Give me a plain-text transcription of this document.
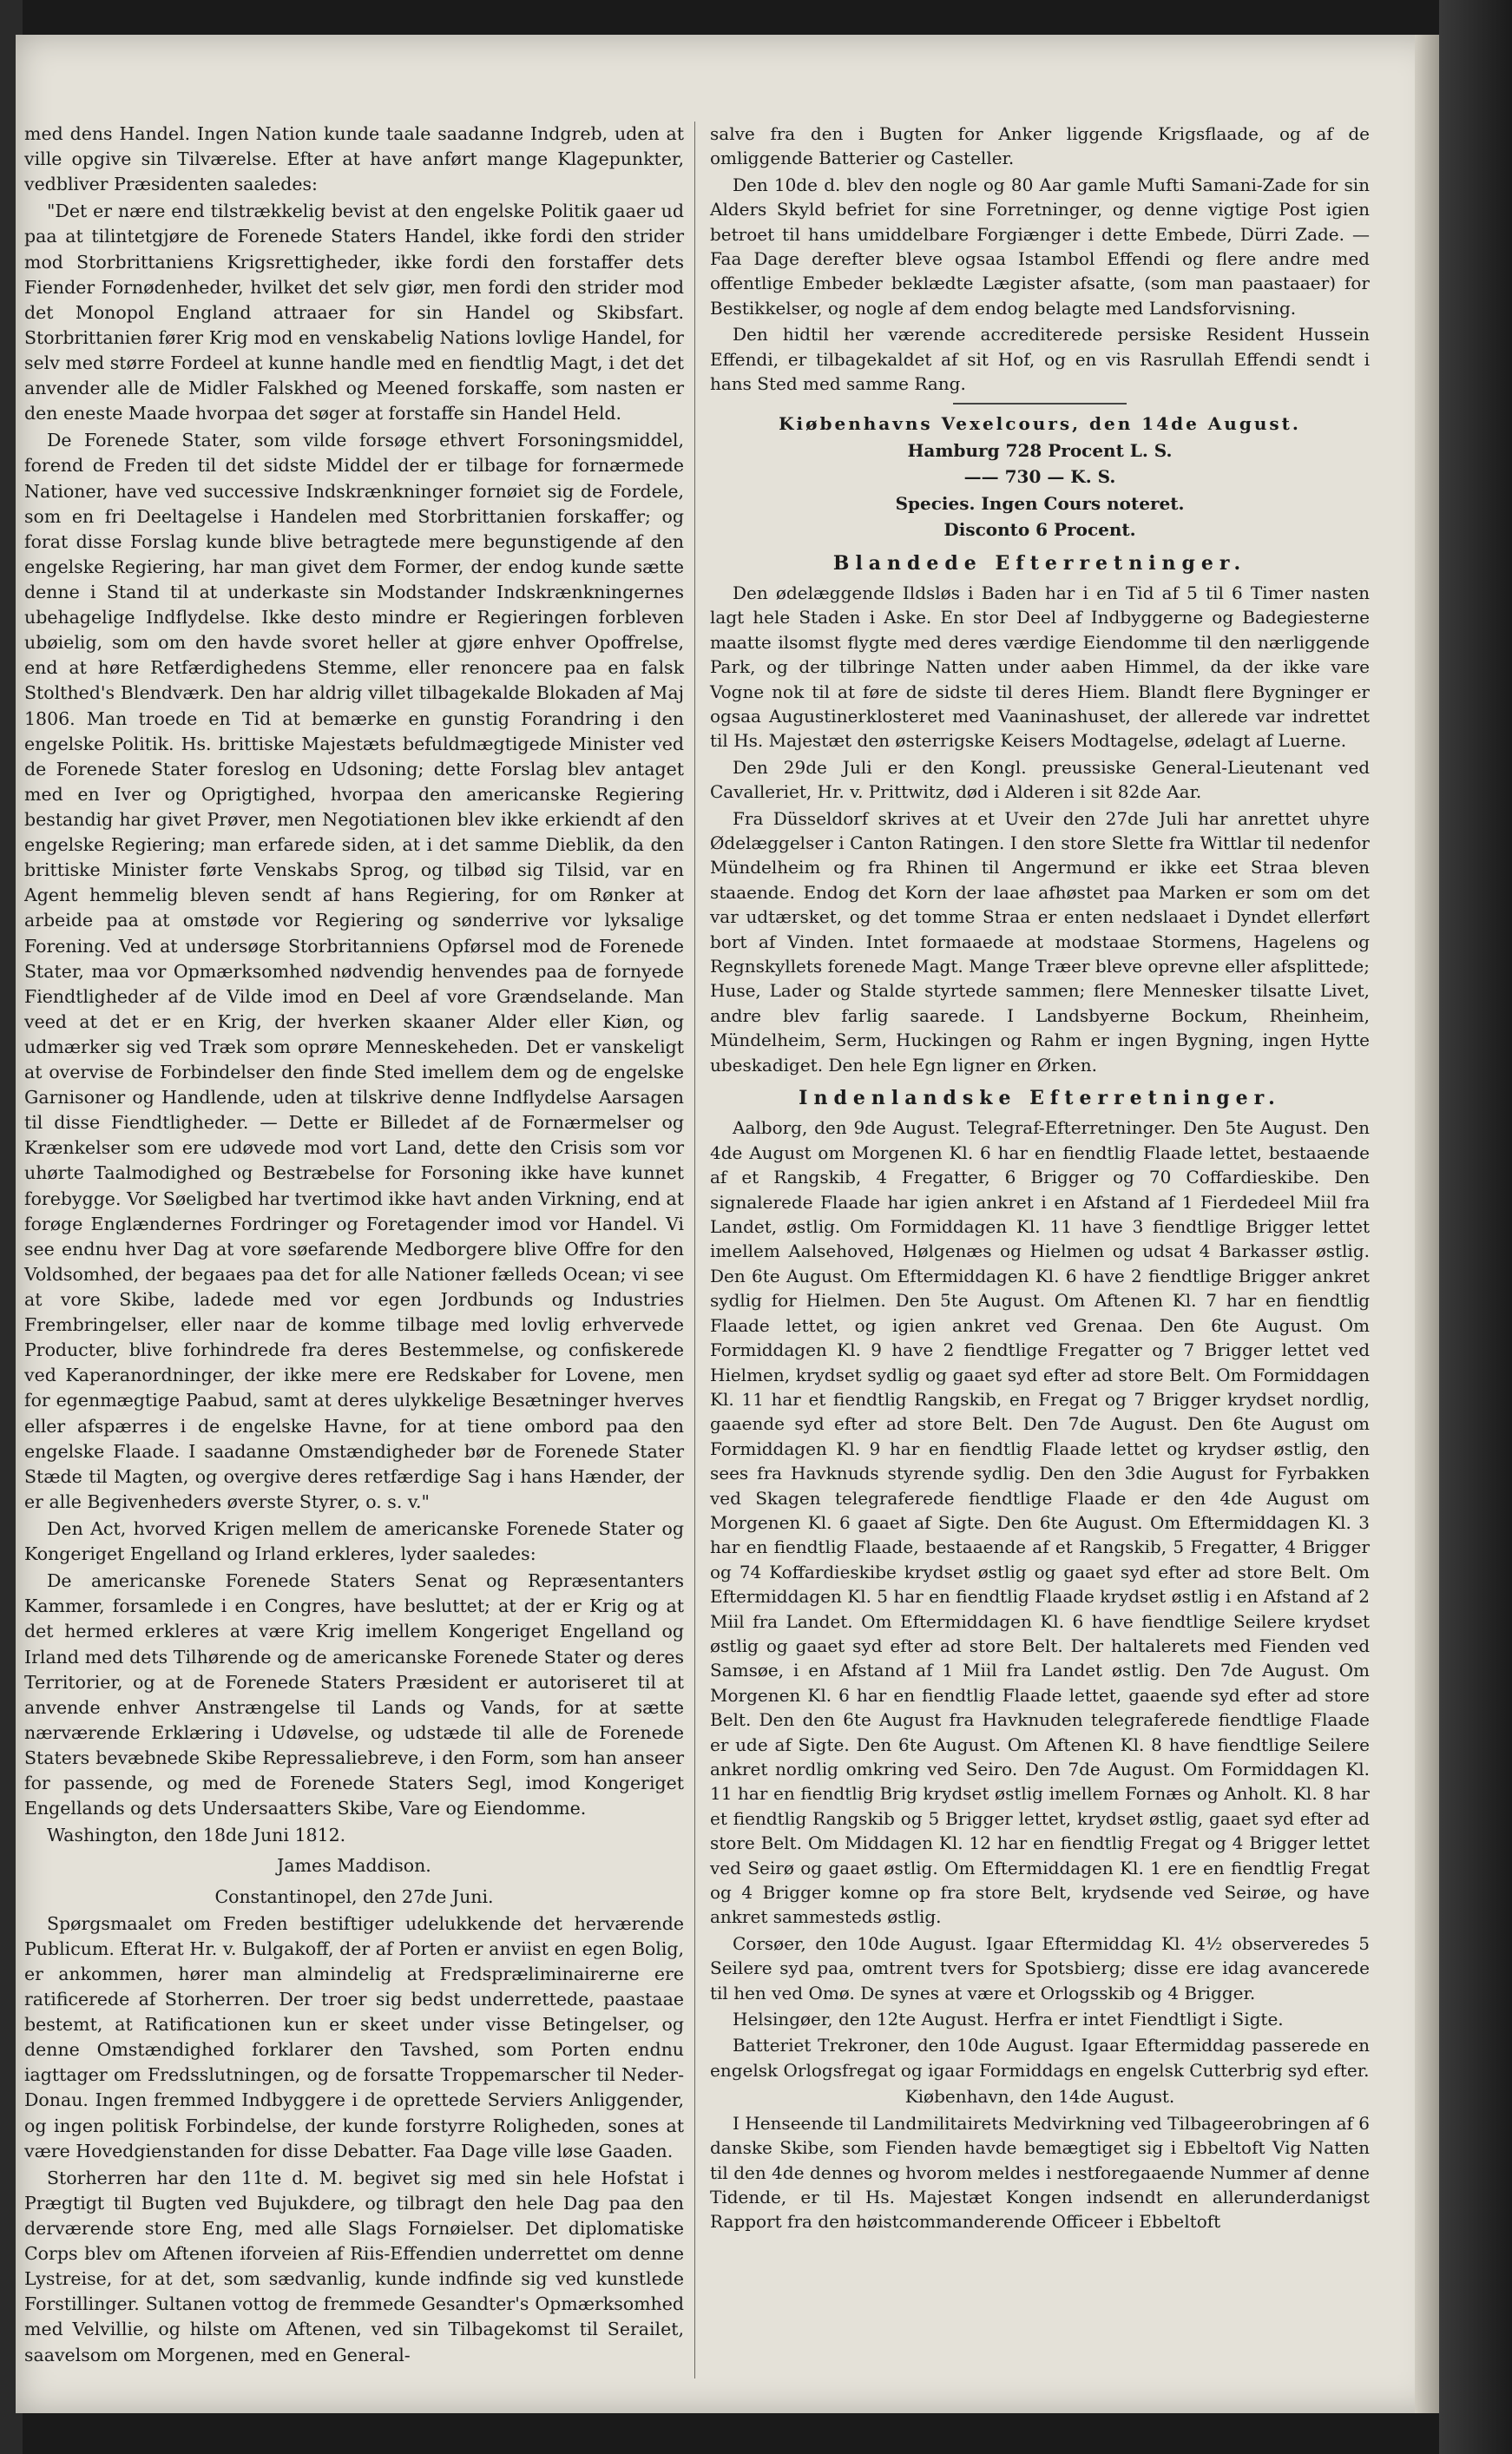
med dens Handel. Ingen Nation kunde taale saadanne Indgreb, uden at ville opgive sin Tilværelse. Efter at have anført mange Klagepunkter, vedbliver Præsidenten saaledes:

"Det er nære end tilstrækkelig bevist at den engelske Politik gaaer ud paa at tilintetgjøre de Forenede Staters Handel, ikke fordi den strider mod Storbrittaniens Krigsrettigheder, ikke fordi den forstaffer dets Fiender Fornødenheder, hvilket det selv giør, men fordi den strider mod det Monopol England attraaer for sin Handel og Skibsfart. Storbrittanien fører Krig mod en venskabelig Nations lovlige Handel, for selv med større Fordeel at kunne handle med en fiendtlig Magt, i det det anvender alle de Midler Falskhed og Meened forskaffe, som nasten er den eneste Maade hvorpaa det søger at forstaffe sin Handel Held.

De Forenede Stater, som vilde forsøge ethvert Forsoningsmiddel, forend de Freden til det sidste Middel der er tilbage for fornærmede Nationer, have ved successive Indskrænkninger fornøiet sig de Fordele, som en fri Deeltagelse i Handelen med Storbrittanien forskaffer; og forat disse Forslag kunde blive betragtede mere begunstigende af den engelske Regiering, har man givet dem Former, der endog kunde sætte denne i Stand til at underkaste sin Modstander Indskrænkningernes ubehagelige Indflydelse. Ikke desto mindre er Regieringen forbleven ubøielig, som om den havde svoret heller at gjøre enhver Opoffrelse, end at høre Retfærdighedens Stemme, eller renoncere paa en falsk Stolthed's Blendværk. Den har aldrig villet tilbagekalde Blokaden af Maj 1806. Man troede en Tid at bemærke en gunstig Forandring i den engelske Politik. Hs. brittiske Majestæts befuldmægtigede Minister ved de Forenede Stater foreslog en Udsoning; dette Forslag blev antaget med en Iver og Oprigtighed, hvorpaa den americanske Regiering bestandig har givet Prøver, men Negotiationen blev ikke erkiendt af den engelske Regiering; man erfarede siden, at i det samme Dieblik, da den brittiske Minister førte Venskabs Sprog, og tilbød sig Tilsid, var en Agent hemmelig bleven sendt af hans Regiering, for om Rønker at arbeide paa at omstøde vor Regiering og sønderrive vor lyksalige Forening. Ved at undersøge Storbritanniens Opførsel mod de Forenede Stater, maa vor Opmærksomhed nødvendig henvendes paa de fornyede Fiendtligheder af de Vilde imod en Deel af vore Grændselande. Man veed at det er en Krig, der hverken skaaner Alder eller Kiøn, og udmærker sig ved Træk som oprøre Menneskeheden. Det er vanskeligt at overvise de Forbindelser den finde Sted imellem dem og de engelske Garnisoner og Handlende, uden at tilskrive denne Indflydelse Aarsagen til disse Fiendtligheder. — Dette er Billedet af de Fornærmelser og Krænkelser som ere udøvede mod vort Land, dette den Crisis som vor uhørte Taalmodighed og Bestræbelse for Forsoning ikke have kunnet forebygge. Vor Søeligbed har tvertimod ikke havt anden Virkning, end at forøge Englændernes Fordringer og Foretagender imod vor Handel. Vi see endnu hver Dag at vore søefarende Medborgere blive Offre for den Voldsomhed, der begaaes paa det for alle Nationer fælleds Ocean; vi see at vore Skibe, ladede med vor egen Jordbunds og Industries Frembringelser, eller naar de komme tilbage med lovlig erhvervede Producter, blive forhindrede fra deres Bestemmelse, og confiskerede ved Kaperanordninger, der ikke mere ere Redskaber for Lovene, men for egenmægtige Paabud, samt at deres ulykkelige Besætninger hverves eller afspærres i de engelske Havne, for at tiene ombord paa den engelske Flaade. I saadanne Omstændigheder bør de Forenede Stater Stæde til Magten, og overgive deres retfærdige Sag i hans Hænder, der er alle Begivenheders øverste Styrer, o. s. v."

Den Act, hvorved Krigen mellem de americanske Forenede Stater og Kongeriget Engelland og Irland erkleres, lyder saaledes:

De americanske Forenede Staters Senat og Repræsentanters Kammer, forsamlede i en Congres, have besluttet; at der er Krig og at det hermed erkleres at være Krig imellem Kongeriget Engelland og Irland med dets Tilhørende og de americanske Forenede Stater og deres Territorier, og at de Forenede Staters Præsident er autoriseret til at anvende enhver Anstrængelse til Lands og Vands, for at sætte nærværende Erklæring i Udøvelse, og udstæde til alle de Forenede Staters bevæbnede Skibe Repressaliebreve, i den Form, som han anseer for passende, og med de Forenede Staters Segl, imod Kongeriget Engellands og dets Undersaatters Skibe, Vare og Eiendomme.

Washington, den 18de Juni 1812.

James Maddison.

Constantinopel, den 27de Juni.

Spørgsmaalet om Freden bestiftiger udelukkende det herværende Publicum. Efterat Hr. v. Bulgakoff, der af Porten er anviist en egen Bolig, er ankommen, hører man almindelig at Fredspræliminairerne ere ratificerede af Storherren. Der troer sig bedst underrettede, paastaae bestemt, at Ratificationen kun er skeet under visse Betingelser, og denne Omstændighed forklarer den Tavshed, som Porten endnu iagttager om Fredsslutningen, og de forsatte Troppemarscher til Neder-Donau. Ingen fremmed Indbyggere i de oprettede Serviers Anliggender, og ingen politisk Forbindelse, der kunde forstyrre Roligheden, sones at være Hovedgienstanden for disse Debatter. Faa Dage ville løse Gaaden.

Storherren har den 11te d. M. begivet sig med sin hele Hofstat i Prægtigt til Bugten ved Bujukdere, og tilbragt den hele Dag paa den derværende store Eng, med alle Slags Fornøielser. Det diplomatiske Corps blev om Aftenen iforveien af Riis-Effendien underrettet om denne Lystreise, for at det, som sædvanlig, kunde indfinde sig ved kunstlede Forstillinger. Sultanen vottog de fremmede Gesandter's Opmærksomhed med Velvillie, og hilste om Aftenen, ved sin Tilbagekomst til Serailet, saavelsom om Morgenen, med en General-

salve fra den i Bugten for Anker liggende Krigsflaade, og af de omliggende Batterier og Casteller.

Den 10de d. blev den nogle og 80 Aar gamle Mufti Samani-Zade for sin Alders Skyld befriet for sine Forretninger, og denne vigtige Post igien betroet til hans umiddelbare Forgiænger i dette Embede, Dürri Zade. — Faa Dage derefter bleve ogsaa Istambol Effendi og flere andre med offentlige Embeder beklædte Lægister afsatte, (som man paastaaer) for Bestikkelser, og nogle af dem endog belagte med Landsforvisning.

Den hidtil her værende accrediterede persiske Resident Hussein Effendi, er tilbagekaldet af sit Hof, og en vis Rasrullah Effendi sendt i hans Sted med samme Rang.

Kiøbenhavns Vexelcours, den 14de August.

Hamburg 728 Procent L. S.

—— 730 — K. S.

Species. Ingen Cours noteret.

Disconto 6 Procent.

Blandede Efterretninger.

Den ødelæggende Ildsløs i Baden har i en Tid af 5 til 6 Timer nasten lagt hele Staden i Aske. En stor Deel af Indbyggerne og Badegiesterne maatte ilsomst flygte med deres værdige Eiendomme til den nærliggende Park, og der tilbringe Natten under aaben Himmel, da der ikke vare Vogne nok til at føre de sidste til deres Hiem. Blandt flere Bygninger er ogsaa Augustinerklosteret med Vaaninashuset, der allerede var indrettet til Hs. Majestæt den østerrigske Keisers Modtagelse, ødelagt af Luerne.

Den 29de Juli er den Kongl. preussiske General-Lieutenant ved Cavalleriet, Hr. v. Prittwitz, død i Alderen i sit 82de Aar.

Fra Düsseldorf skrives at et Uveir den 27de Juli har anrettet uhyre Ødelæggelser i Canton Ratingen. I den store Slette fra Wittlar til nedenfor Mündelheim og fra Rhinen til Angermund er ikke eet Straa bleven staaende. Endog det Korn der laae afhøstet paa Marken er som om det var udtærsket, og det tomme Straa er enten nedslaaet i Dyndet ellerført bort af Vinden. Intet formaaede at modstaae Stormens, Hagelens og Regnskyllets forenede Magt. Mange Træer bleve oprevne eller afsplittede; Huse, Lader og Stalde styrtede sammen; flere Mennesker tilsatte Livet, andre blev farlig saarede. I Landsbyerne Bockum, Rheinheim, Mündelheim, Serm, Huckingen og Rahm er ingen Bygning, ingen Hytte ubeskadiget. Den hele Egn ligner en Ørken.

Indenlandske Efterretninger.

Aalborg, den 9de August. Telegraf-Efterretninger. Den 5te August. Den 4de August om Morgenen Kl. 6 har en fiendtlig Flaade lettet, bestaaende af et Rangskib, 4 Fregatter, 6 Brigger og 70 Coffardieskibe. Den signalerede Flaade har igien ankret i en Afstand af 1 Fierdedeel Miil fra Landet, østlig. Om Formiddagen Kl. 11 have 3 fiendtlige Brigger lettet imellem Aalsehoved, Hølgenæs og Hielmen og udsat 4 Barkasser østlig. Den 6te August. Om Eftermiddagen Kl. 6 have 2 fiendtlige Brigger ankret sydlig for Hielmen. Den 5te August. Om Aftenen Kl. 7 har en fiendtlig Flaade lettet, og igien ankret ved Grenaa. Den 6te August. Om Formiddagen Kl. 9 have 2 fiendtlige Fregatter og 7 Brigger lettet ved Hielmen, krydset sydlig og gaaet syd efter ad store Belt. Om Formiddagen Kl. 11 har et fiendtlig Rangskib, en Fregat og 7 Brigger krydset nordlig, gaaende syd efter ad store Belt. Den 7de August. Den 6te August om Formiddagen Kl. 9 har en fiendtlig Flaade lettet og krydser østlig, den sees fra Havknuds styrende sydlig. Den den 3die August for Fyrbakken ved Skagen telegraferede fiendtlige Flaade er den 4de August om Morgenen Kl. 6 gaaet af Sigte. Den 6te August. Om Eftermiddagen Kl. 3 har en fiendtlig Flaade, bestaaende af et Rangskib, 5 Fregatter, 4 Brigger og 74 Koffardieskibe krydset østlig og gaaet syd efter ad store Belt. Om Eftermiddagen Kl. 5 har en fiendtlig Flaade krydset østlig i en Afstand af 2 Miil fra Landet. Om Eftermiddagen Kl. 6 have fiendtlige Seilere krydset østlig og gaaet syd efter ad store Belt. Der haltalerets med Fienden ved Samsøe, i en Afstand af 1 Miil fra Landet østlig. Den 7de August. Om Morgenen Kl. 6 har en fiendtlig Flaade lettet, gaaende syd efter ad store Belt. Den den 6te August fra Havknuden telegraferede fiendtlige Flaade er ude af Sigte. Den 6te August. Om Aftenen Kl. 8 have fiendtlige Seilere ankret nordlig omkring ved Seiro. Den 7de August. Om Formiddagen Kl. 11 har en fiendtlig Brig krydset østlig imellem Fornæs og Anholt. Kl. 8 har et fiendtlig Rangskib og 5 Brigger lettet, krydset østlig, gaaet syd efter ad store Belt. Om Middagen Kl. 12 har en fiendtlig Fregat og 4 Brigger lettet ved Seirø og gaaet østlig. Om Eftermiddagen Kl. 1 ere en fiendtlig Fregat og 4 Brigger komne op fra store Belt, krydsende ved Seirøe, og have ankret sammesteds østlig.

Corsøer, den 10de August. Igaar Eftermiddag Kl. 4½ observeredes 5 Seilere syd paa, omtrent tvers for Spotsbierg; disse ere idag avancerede til hen ved Omø. De synes at være et Orlogsskib og 4 Brigger.

Helsingøer, den 12te August. Herfra er intet Fiendtligt i Sigte.

Batteriet Trekroner, den 10de August. Igaar Eftermiddag passerede en engelsk Orlogsfregat og igaar Formiddags en engelsk Cutterbrig syd efter.

Kiøbenhavn, den 14de August.

I Henseende til Landmilitairets Medvirkning ved Tilbageerobringen af 6 danske Skibe, som Fienden havde bemægtiget sig i Ebbeltoft Vig Natten til den 4de dennes og hvorom meldes i nestforegaaende Nummer af denne Tidende, er til Hs. Majestæt Kongen indsendt en allerunderdanigst Rapport fra den høistcommanderende Officeer i Ebbeltoft
